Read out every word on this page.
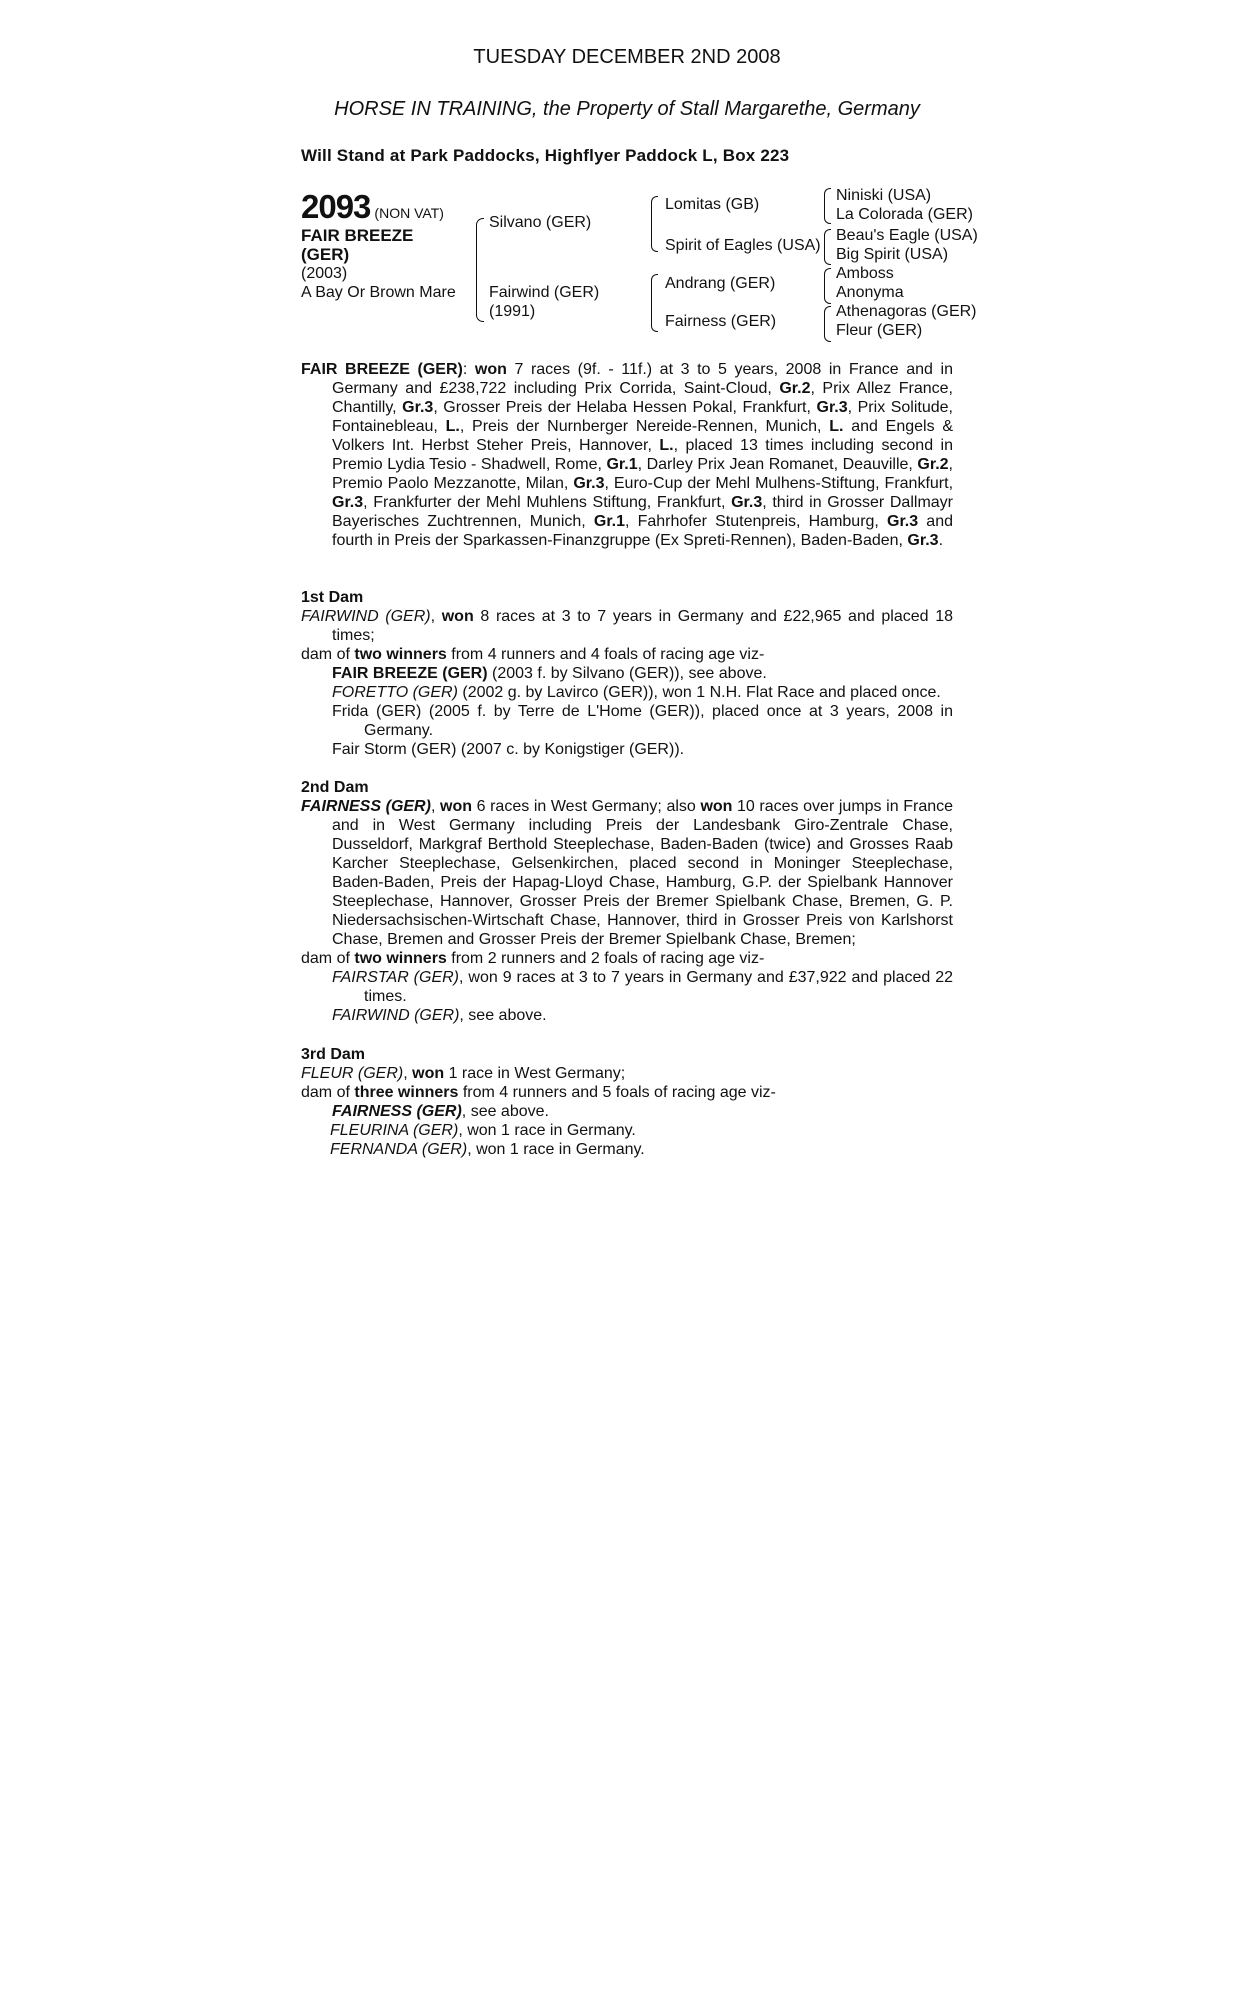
TUESDAY DECEMBER 2ND 2008
HORSE IN TRAINING, the Property of Stall Margarethe, Germany
Will Stand at Park Paddocks, Highflyer Paddock L, Box 223
2093 (NON VAT)
FAIR BREEZE
(GER)
(2003)
A Bay Or Brown Mare
Silvano (GER)
Fairwind (GER)
(1991)
Lomitas (GB)
Spirit of Eagles (USA)
Andrang (GER)
Fairness (GER)
Niniski (USA)
La Colorada (GER)
Beau's Eagle (USA)
Big Spirit (USA)
Amboss
Anonyma
Athenagoras (GER)
Fleur (GER)

FAIR BREEZE (GER): won 7 races (9f. - 11f.) at 3 to 5 years, 2008 in France and in Germany and £238,722 including Prix Corrida, Saint-Cloud, Gr.2, Prix Allez France, Chantilly, Gr.3, Grosser Preis der Helaba Hessen Pokal, Frankfurt, Gr.3, Prix Solitude, Fontainebleau, L., Preis der Nurnberger Nereide-Rennen, Munich, L. and Engels & Volkers Int. Herbst Steher Preis, Hannover, L., placed 13 times including second in Premio Lydia Tesio - Shadwell, Rome, Gr.1, Darley Prix Jean Romanet, Deauville, Gr.2, Premio Paolo Mezzanotte, Milan, Gr.3, Euro-Cup der Mehl Mulhens-Stiftung, Frankfurt, Gr.3, Frankfurter der Mehl Muhlens Stiftung, Frankfurt, Gr.3, third in Grosser Dallmayr Bayerisches Zuchtrennen, Munich, Gr.1, Fahrhofer Stutenpreis, Hamburg, Gr.3 and fourth in Preis der Sparkassen-Finanzgruppe (Ex Spreti-Rennen), Baden-Baden, Gr.3.

1st Dam

FAIRWIND (GER), won 8 races at 3 to 7 years in Germany and £22,965 and placed 18 times;

dam of two winners from 4 runners and 4 foals of racing age viz-

FAIR BREEZE (GER) (2003 f. by Silvano (GER)), see above.

FORETTO (GER) (2002 g. by Lavirco (GER)), won 1 N.H. Flat Race and placed once.

Frida (GER) (2005 f. by Terre de L'Home (GER)), placed once at 3 years, 2008 in Germany.

Fair Storm (GER) (2007 c. by Konigstiger (GER)).

2nd Dam

FAIRNESS (GER), won 6 races in West Germany; also won 10 races over jumps in France and in West Germany including Preis der Landesbank Giro-Zentrale Chase, Dusseldorf, Markgraf Berthold Steeplechase, Baden-Baden (twice) and Grosses Raab Karcher Steeplechase, Gelsenkirchen, placed second in Moninger Steeplechase, Baden-Baden, Preis der Hapag-Lloyd Chase, Hamburg, G.P. der Spielbank Hannover Steeplechase, Hannover, Grosser Preis der Bremer Spielbank Chase, Bremen, G. P. Niedersachsischen-Wirtschaft Chase, Hannover, third in Grosser Preis von Karlshorst Chase, Bremen and Grosser Preis der Bremer Spielbank Chase, Bremen;

dam of two winners from 2 runners and 2 foals of racing age viz-

FAIRSTAR (GER), won 9 races at 3 to 7 years in Germany and £37,922 and placed 22 times.

FAIRWIND (GER), see above.

3rd Dam

FLEUR (GER), won 1 race in West Germany;

dam of three winners from 4 runners and 5 foals of racing age viz-

FAIRNESS (GER), see above.

FLEURINA (GER), won 1 race in Germany.

FERNANDA (GER), won 1 race in Germany.
